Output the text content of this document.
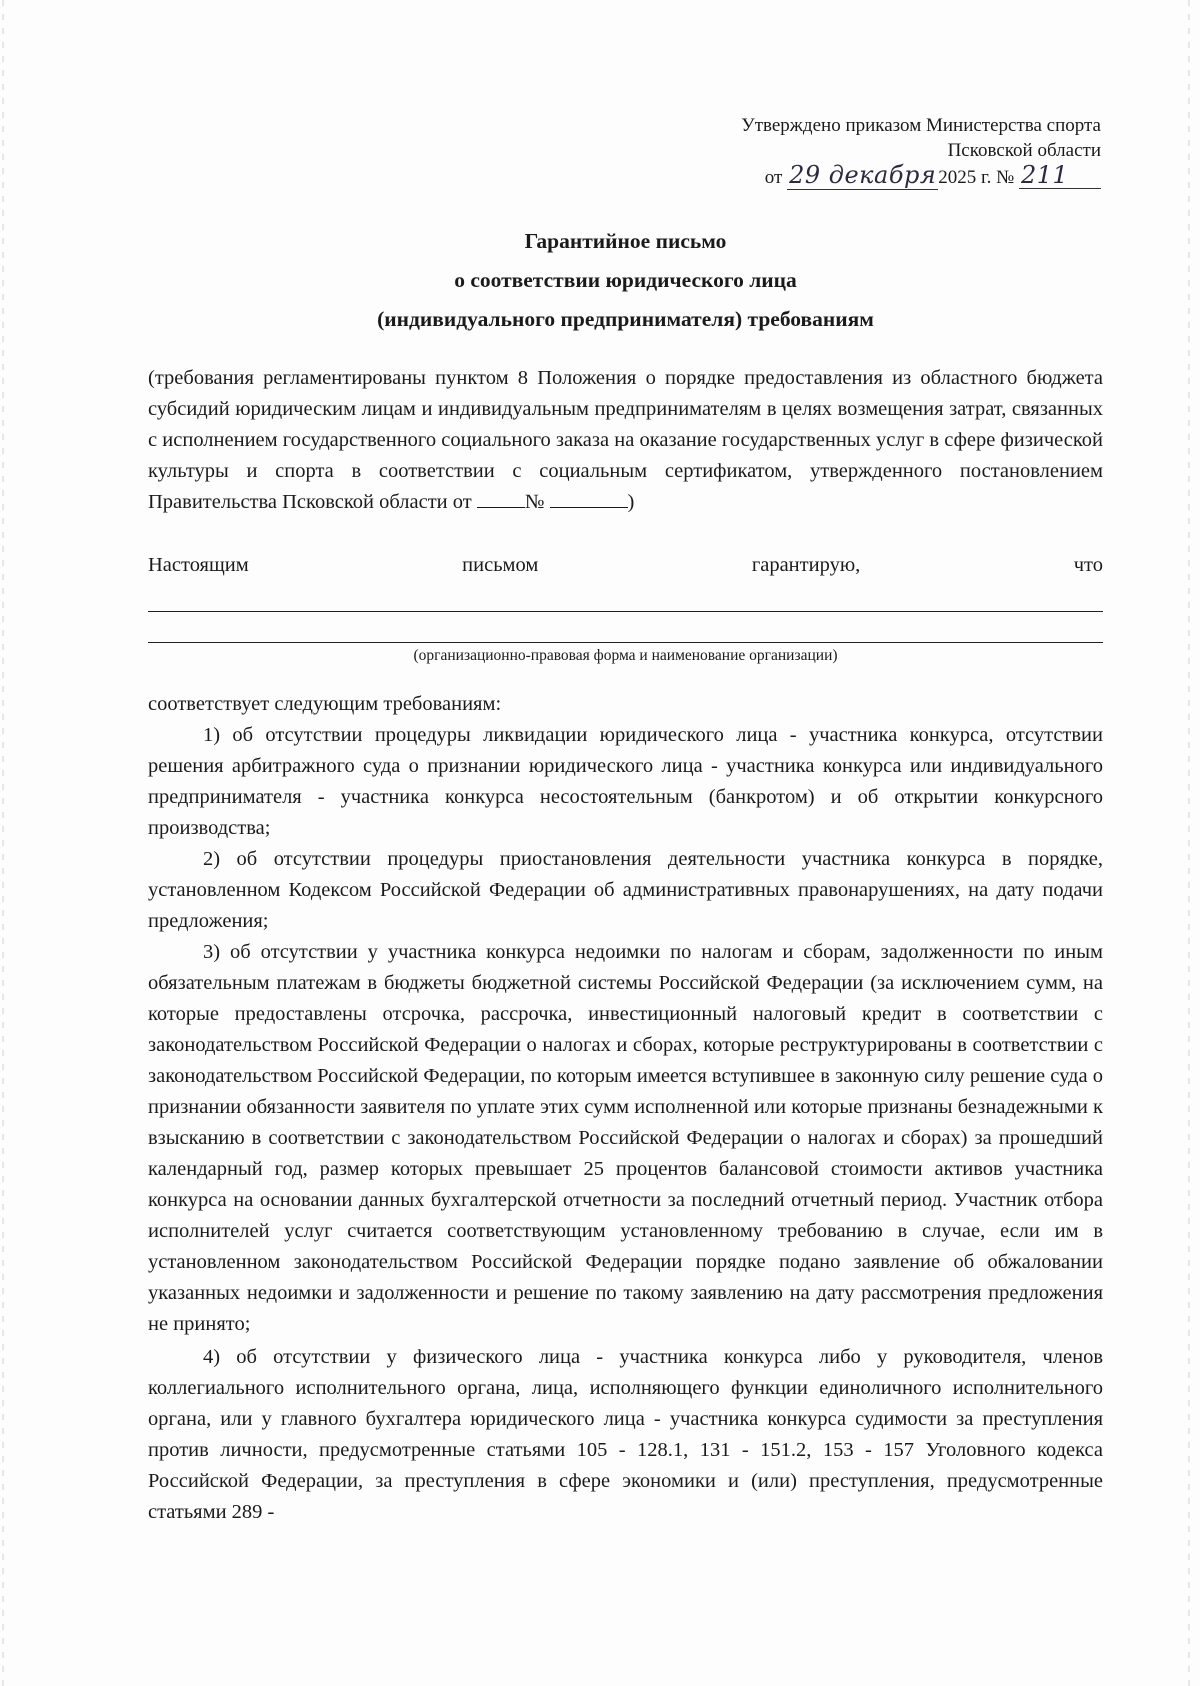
Утверждено приказом Министерства спорта
Псковской области
от 29 декабря 2025 г. № 211
Гарантийное письмо
о соответствии юридического лица
(индивидуального предпринимателя) требованиям
(требования регламентированы пунктом 8 Положения о порядке предоставления из областного бюджета субсидий юридическим лицам и индивидуальным предпринимателям в целях возмещения затрат, связанных с исполнением государственного социального заказа на оказание государственных услуг в сфере физической культуры и спорта в соответствии с социальным сертификатом, утвержденного постановлением Правительства Псковской области от	№	)
Настоящим	письмом	гарантирую,	что
(организационно-правовая форма и наименование организации)

соответствует следующим требованиям:

1) об отсутствии процедуры ликвидации юридического лица - участника конкурса, отсутствии решения арбитражного суда о признании юридического лица - участника конкурса или индивидуального предпринимателя - участника конкурса несостоятельным (банкротом) и об открытии конкурсного производства;

2) об отсутствии процедуры приостановления деятельности участника конкурса в порядке, установленном Кодексом Российской Федерации об административных правонарушениях, на дату подачи предложения;

3) об отсутствии у участника конкурса недоимки по налогам и сборам, задолженности по иным обязательным платежам в бюджеты бюджетной системы Российской Федерации (за исключением сумм, на которые предоставлены отсрочка, рассрочка, инвестиционный налоговый кредит в соответствии с законодательством Российской Федерации о налогах и сборах, которые реструктурированы в соответствии с законодательством Российской Федерации, по которым имеется вступившее в законную силу решение суда о признании обязанности заявителя по уплате этих сумм исполненной или которые признаны безнадежными к взысканию в соответствии с законодательством Российской Федерации о налогах и сборах) за прошедший календарный год, размер которых превышает 25 процентов балансовой стоимости активов участника конкурса на основании данных бухгалтерской отчетности за последний отчетный период. Участник отбора исполнителей услуг считается соответствующим установленному требованию в случае, если им в установленном законодательством Российской Федерации порядке подано заявление об обжаловании указанных недоимки и задолженности и решение по такому заявлению на дату рассмотрения предложения не принято;

4) об отсутствии у физического лица - участника конкурса либо у руководителя, членов коллегиального исполнительного органа, лица, исполняющего функции единоличного исполнительного органа, или у главного бухгалтера юридического лица - участника конкурса судимости за преступления против личности, предусмотренные статьями 105 - 128.1, 131 - 151.2, 153 - 157 Уголовного кодекса Российской Федерации, за преступления в сфере экономики и (или) преступления, предусмотренные статьями 289 -
